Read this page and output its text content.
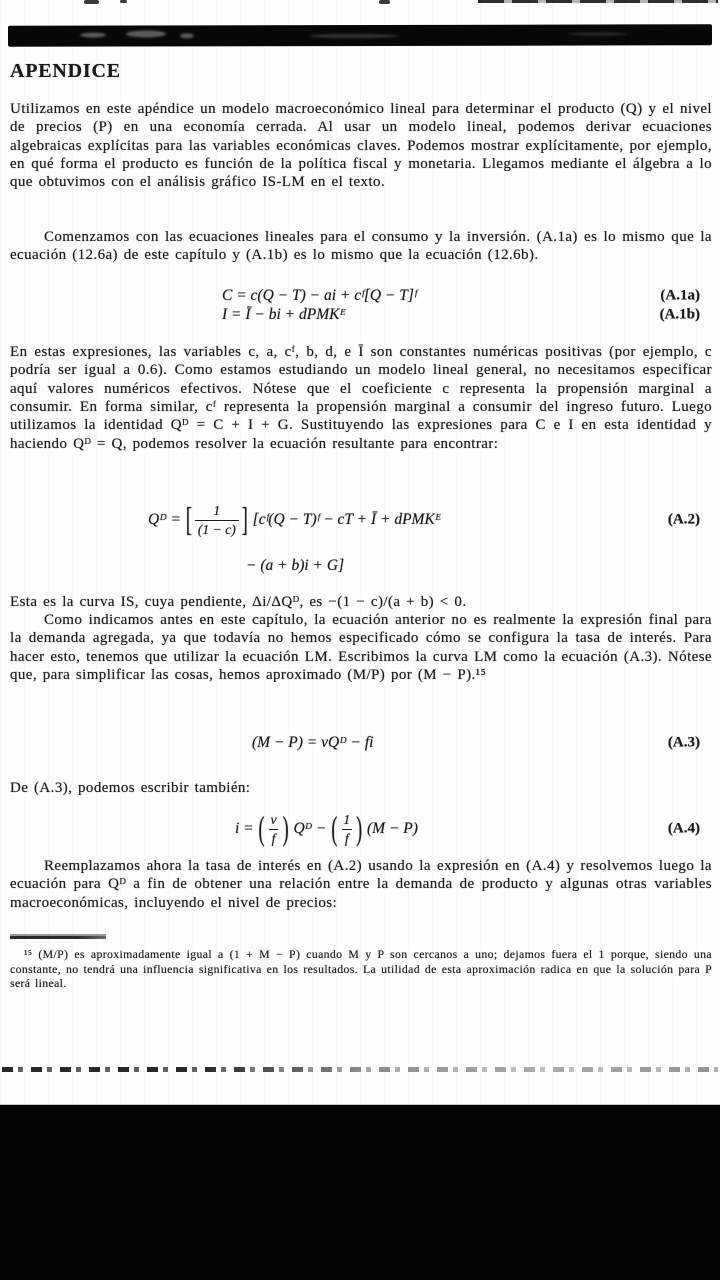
APENDICE

Utilizamos en este apéndice un modelo macroeconómico lineal para determinar el producto (Q) y el nivel de precios (P) en una economía cerrada. Al usar un modelo lineal, podemos derivar ecuaciones algebraicas explícitas para las variables económicas claves. Podemos mostrar explícitamente, por ejemplo, en qué forma el producto es función de la política fiscal y monetaria. Llegamos mediante el álgebra a lo que obtuvimos con el análisis gráfico IS-LM en el texto.

Comenzamos con las ecuaciones lineales para el consumo y la inversión. (A.1a) es lo mismo que la ecuación (12.6a) de este capítulo y (A.1b) es lo mismo que la ecuación (12.6b).

C = c(Q − T) − ai + cᶠ[Q − T]ᶠ	(A.1a)
I = Ī − bi + dPMKᴱ	(A.1b)

En estas expresiones, las variables c, a, cᶠ, b, d, e Ī son constantes numéricas positivas (por ejemplo, c podría ser igual a 0.6). Como estamos estudiando un modelo lineal general, no necesitamos especificar aquí valores numéricos efectivos. Nótese que el coeficiente c representa la propensión marginal a consumir. En forma similar, cᶠ representa la propensión marginal a consumir del ingreso futuro. Luego utilizamos la identidad Qᴰ = C + I + G. Sustituyendo las expresiones para C e I en esta identidad y haciendo Qᴰ = Q, podemos resolver la ecuación resultante para encontrar:

Qᴰ = [ $\frac{1}{(1 - c)}$ ] [cᶠ(Q − T)ᶠ − cT + Ī + dPMKᴱ	(A.2)
− (a + b)i + G]

Esta es la curva IS, cuya pendiente, Δi/ΔQᴰ, es −(1 − c)/(a + b) < 0.

Como indicamos antes en este capítulo, la ecuación anterior no es realmente la expresión final para la demanda agregada, ya que todavía no hemos especificado cómo se configura la tasa de interés. Para hacer esto, tenemos que utilizar la ecuación LM. Escribimos la curva LM como la ecuación (A.3). Nótese que, para simplificar las cosas, hemos aproximado (M/P) por (M − P).¹⁵

(M − P) = vQᴰ − fi	(A.3)

De (A.3), podemos escribir también:

i = ( $\frac{v}{f}$ ) Qᴰ − ( $\frac{1}{f}$ ) (M − P)	(A.4)

Reemplazamos ahora la tasa de interés en (A.2) usando la expresión en (A.4) y resolvemos luego la ecuación para Qᴰ a fin de obtener una relación entre la demanda de producto y algunas otras variables macroeconómicas, incluyendo el nivel de precios:

¹⁵ (M/P) es aproximadamente igual a (1 + M − P) cuando M y P son cercanos a uno; dejamos fuera el 1 porque, siendo una constante, no tendrá una influencia significativa en los resultados. La utilidad de esta aproximación radica en que la solución para P será lineal.
